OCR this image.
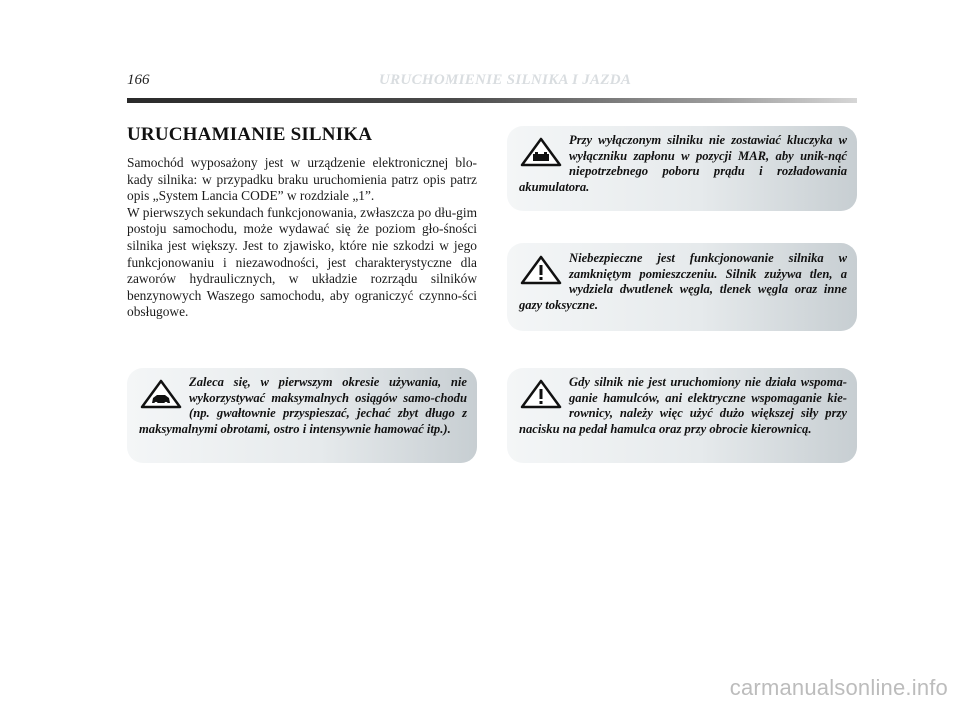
166	URUCHOMIENIE SILNIKA I JAZDA
URUCHAMIANIE SILNIKA

Samochód wyposażony jest w urządzenie elektronicznej blo-kady silnika: w przypadku braku uruchomienia patrz opis patrz opis „System Lancia CODE” w rozdziale „1”.

W pierwszych sekundach funkcjonowania, zwłaszcza po dłu-gim postoju samochodu, może wydawać się że poziom gło-śności silnika jest większy. Jest to zjawisko, które nie szkodzi w jego funkcjonowaniu i niezawodności, jest charakterystyczne dla zaworów hydraulicznych, w układzie rozrządu silników benzynowych Waszego samochodu, aby ograniczyć czynno-ści obsługowe.

Przy wyłączonym silniku nie zostawiać kluczyka w wyłączniku zapłonu w pozycji MAR, aby unik-nąć niepotrzebnego poboru prądu i rozładowania akumulatora.
Niebezpieczne jest funkcjonowanie silnika w zamkniętym pomieszczeniu. Silnik zużywa tlen, a wydziela dwutlenek węgla, tlenek węgla oraz inne gazy toksyczne.
Gdy silnik nie jest uruchomiony nie działa wspoma-ganie hamulców, ani elektryczne wspomaganie kie-rownicy, należy więc użyć dużo większej siły przy nacisku na pedał hamulca oraz przy obrocie kierownicą.
Zaleca się, w pierwszym okresie używania, nie wykorzystywać maksymalnych osiągów samo-chodu (np. gwałtownie przyspieszać, jechać zbyt długo z maksymalnymi obrotami, ostro i intensywnie hamować itp.).
carmanualsonline.info
